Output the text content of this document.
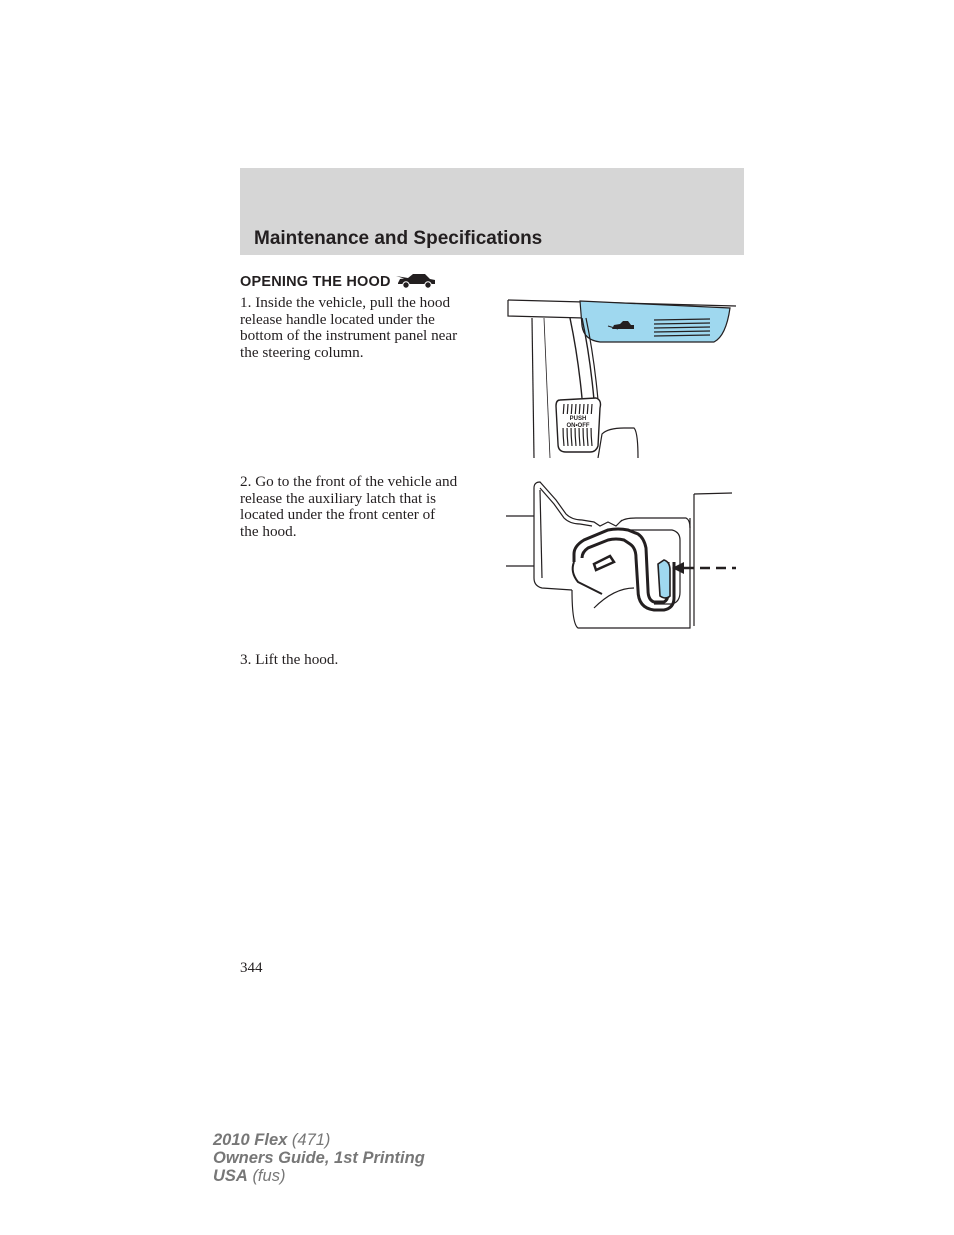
Maintenance and Specifications
OPENING THE HOOD
1. Inside the vehicle, pull the hood
release handle located under the
bottom of the instrument panel near
the steering column.
PUSH
ON•OFF
2. Go to the front of the vehicle and
release the auxiliary latch that is
located under the front center of
the hood.
3. Lift the hood.
344
2010 Flex (471)
Owners Guide, 1st Printing
USA (fus)
